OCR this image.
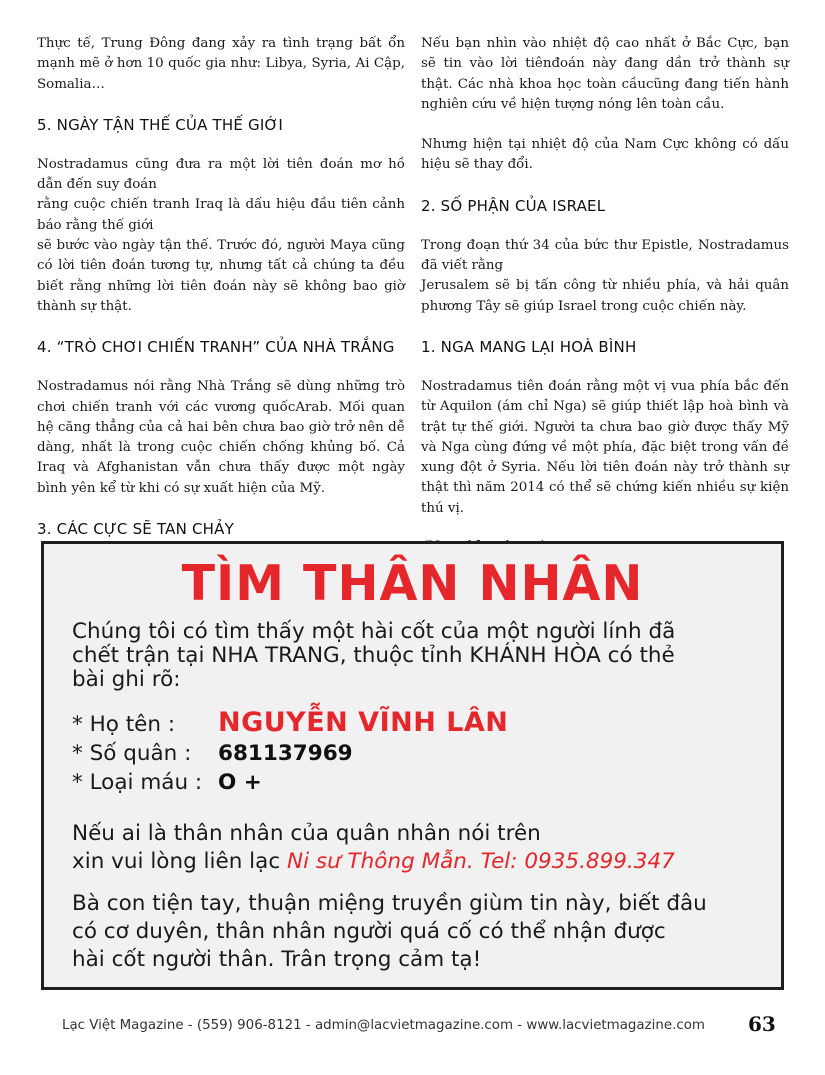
Thực tế, Trung Đông đang xảy ra tình trạng bất ổn mạnh mẽ ở hơn 10 quốc gia như: Libya, Syria, Ai Cập, Somalia…

5. NGÀY TẬN THẾ CỦA THẾ GIỚI

Nostradamus cũng đưa ra một lời tiên đoán mơ hồ dẫn đến suy đoán
rằng cuộc chiến tranh Iraq là dấu hiệu đầu tiên cảnh báo rằng thế giới
sẽ bước vào ngày tận thế. Trước đó, người Maya cũng có lời tiên đoán tương tự, nhưng tất cả chúng ta đều biết rằng những lời tiên đoán này sẽ không bao giờ thành sự thật.

4. “TRÒ CHƠI CHIẾN TRANH” CỦA NHÀ TRẮNG

Nostradamus nói rằng Nhà Trắng sẽ dùng những trò chơi chiến tranh với các vương quốcArab. Mối quan hệ căng thẳng của cả hai bên chưa bao giờ trở nên dễ dàng, nhất là trong cuộc chiến chống khủng bố. Cả Iraq và Afghanistan vẫn chưa thấy được một ngày bình yên kể từ khi có sự xuất hiện của Mỹ.

3. CÁC CỰC SẼ TAN CHẢY

Nếu bạn nhìn vào nhiệt độ cao nhất ở Bắc Cực, bạn sẽ tin vào lời tiênđoán này đang dần trở thành sự thật. Các nhà khoa học toàn cầucũng đang tiến hành nghiên cứu về hiện tượng nóng lên toàn cầu.

Nhưng hiện tại nhiệt độ của Nam Cực không có dấu hiệu sẽ thay đổi.

2. SỐ PHẬN CỦA ISRAEL

Trong đoạn thứ 34 của bức thư Epistle, Nostradamus đã viết rằng
Jerusalem sẽ bị tấn công từ nhiều phía, và hải quân phương Tây sẽ giúp Israel trong cuộc chiến này.

1. NGA MANG LẠI HOÀ BÌNH

Nostradamus tiên đoán rằng một vị vua phía bắc đến từ Aquilon (ám chỉ Nga) sẽ giúp thiết lập hoà bình và trật tự thế giới. Người ta chưa bao giờ được thấy Mỹ và Nga cùng đứng về một phía, đặc biệt trong vấn đề xung đột ở Syria. Nếu lời tiên đoán này trở thành sự thật thì năm 2014 có thể sẽ chứng kiến nhiều sự kiện thú vị.

TÌM THÂN NHÂN
Chúng tôi có tìm thấy một hài cốt của một người lính đã
chết trận tại NHA TRANG, thuộc tỉnh KHÁNH HÒA có thẻ
bài ghi rõ:
* Họ tên : NGUYỄN VĨNH LÂN
* Số quân : 681137969
* Loại máu : O +
Nếu ai là thân nhân của quân nhân nói trên
xin vui lòng liên lạc Ni sư Thông Mẫn. Tel: 0935.899.347
Bà con tiện tay, thuận miệng truyền giùm tin này, biết đâu
có cơ duyên, thân nhân người quá cố có thể nhận được
hài cốt người thân. Trân trọng cảm tạ!
Lạc Việt Magazine - (559) 906-8121 - admin@lacvietmagazine.com - www.lacvietmagazine.com 63
